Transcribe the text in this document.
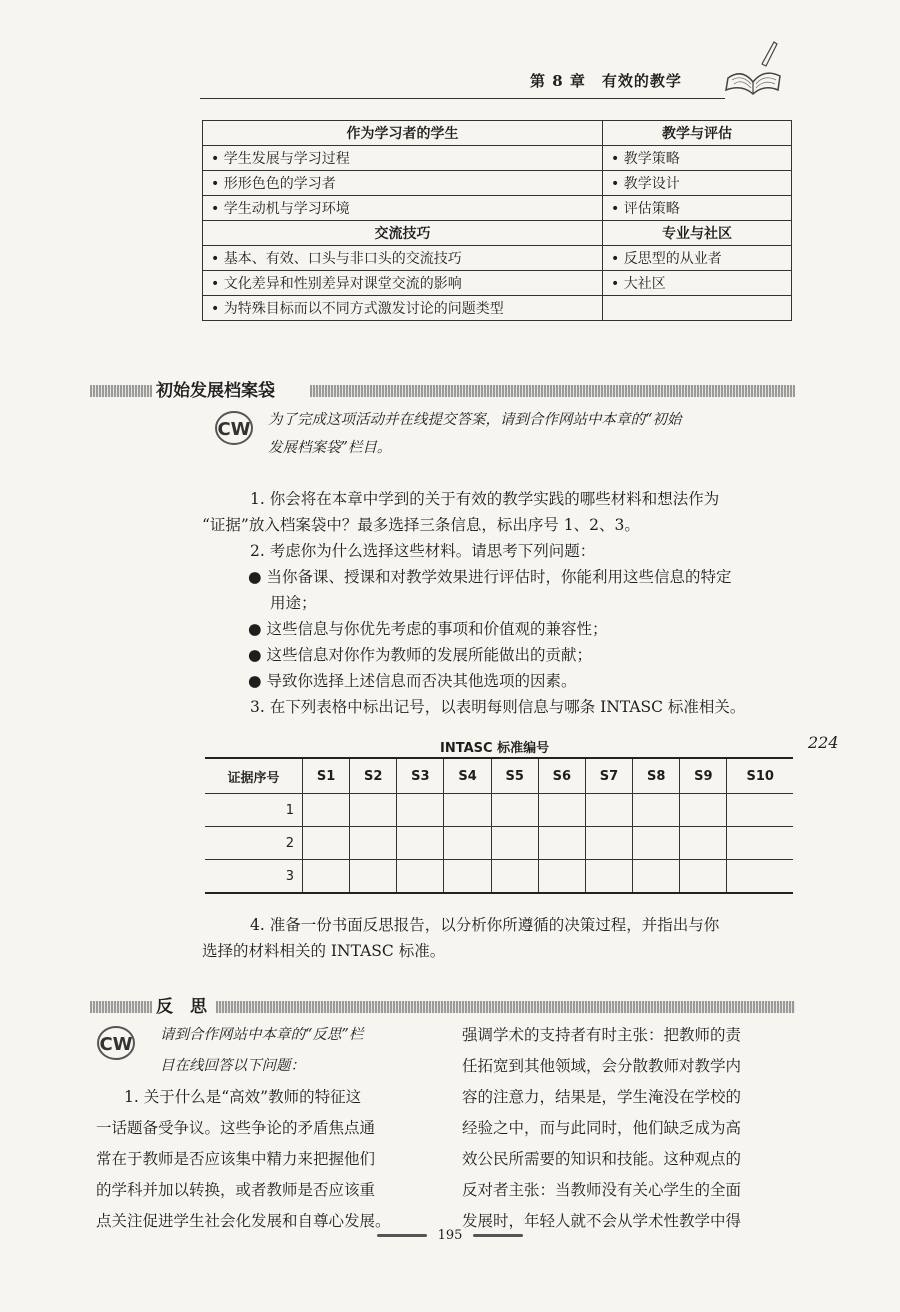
第 8 章　有效的教学
作为学习者的学生	教学与评估
• 学生发展与学习过程	• 教学策略
• 形形色色的学习者	• 教学设计
• 学生动机与学习环境	• 评估策略
交流技巧	专业与社区
• 基本、有效、口头与非口头的交流技巧	• 反思型的从业者
• 文化差异和性别差异对课堂交流的影响	• 大社区
• 为特殊目标而以不同方式激发讨论的问题类型	
初始发展档案袋
CW 为了完成这项活动并在线提交答案，请到合作网站中本章的“初始
发展档案袋”栏目。
1. 你会将在本章中学到的关于有效的教学实践的哪些材料和想法作为
“证据”放入档案袋中？最多选择三条信息，标出序号 1、2、3。
2. 考虑你为什么选择这些材料。请思考下列问题：
● 当你备课、授课和对教学效果进行评估时，你能利用这些信息的特定
用途；
● 这些信息与你优先考虑的事项和价值观的兼容性；
● 这些信息对你作为教师的发展所能做出的贡献；
● 导致你选择上述信息而否决其他选项的因素。
3. 在下列表格中标出记号，以表明每则信息与哪条 INTASC 标准相关。
INTASC 标准编号	224
证据序号	S1	S2	S3	S4	S5	S6	S7	S8	S9	S10
1										
2										
3										
4. 准备一份书面反思报告，以分析你所遵循的决策过程，并指出与你
选择的材料相关的 INTASC 标准。
反　思
CW	请到合作网站中本章的“反思”栏
目在线回答以下问题：
1. 关于什么是“高效”教师的特征这
一话题备受争议。这些争论的矛盾焦点通
常在于教师是否应该集中精力来把握他们
的学科并加以转换，或者教师是否应该重
点关注促进学生社会化发展和自尊心发展。
强调学术的支持者有时主张：把教师的责
任拓宽到其他领域，会分散教师对教学内
容的注意力，结果是，学生淹没在学校的
经验之中，而与此同时，他们缺乏成为高
效公民所需要的知识和技能。这种观点的
反对者主张：当教师没有关心学生的全面
发展时，年轻人就不会从学术性教学中得
195
